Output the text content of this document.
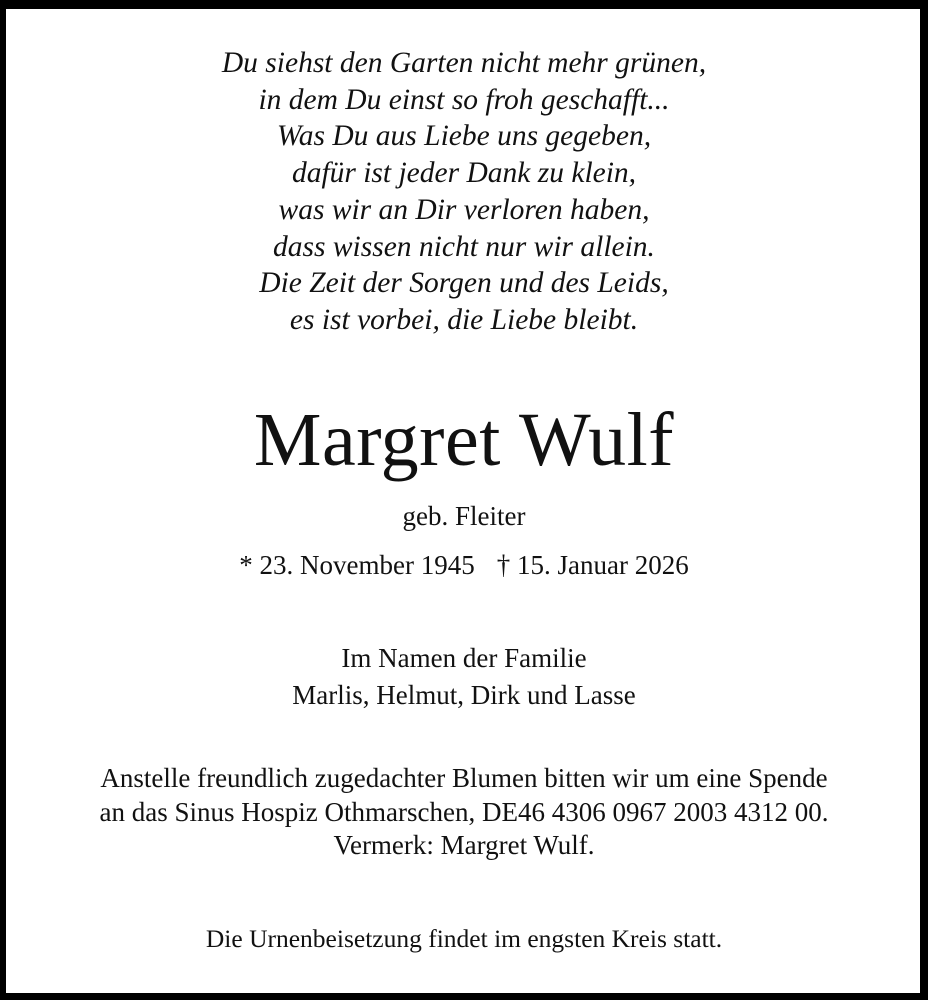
Du siehst den Garten nicht mehr grünen,
in dem Du einst so froh geschafft...
Was Du aus Liebe uns gegeben,
dafür ist jeder Dank zu klein,
was wir an Dir verloren haben,
dass wissen nicht nur wir allein.
Die Zeit der Sorgen und des Leids,
es ist vorbei, die Liebe bleibt.
Margret Wulf
geb. Fleiter
* 23. November 1945 † 15. Januar 2026
Im Namen der Familie
Marlis, Helmut, Dirk und Lasse
Anstelle freundlich zugedachter Blumen bitten wir um eine Spende
an das Sinus Hospiz Othmarschen, DE46 4306 0967 2003 4312 00.
Vermerk: Margret Wulf.
Die Urnenbeisetzung findet im engsten Kreis statt.
